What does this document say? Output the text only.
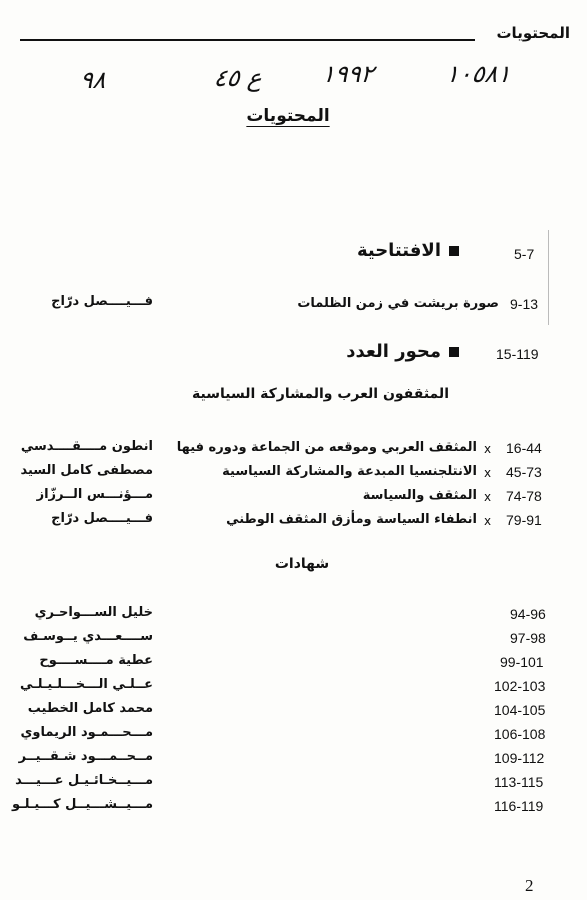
المحتويات
١٠٥٨١
١٩٩٢
ع ٤٥
٩٨
المحتويات
الافتتاحية	5-7
9-13
صورة بريشت في زمن الظلمات
فـــيــــصل درّاج
محور العدد	15-119
المثقفون العرب والمشاركة السياسية
16-44
x
المثقف العربي وموقعه من الجماعة ودوره فيها
انطون مــــقــــدسي
45-73
x
الانتلجنسيا المبدعة والمشاركة السياسية
مصطفى كامل السيد
74-78
x
المثقف والسياسة
مـــؤنـــس الــرزّاز
79-91
x
انطفاء السياسة ومأزق المثقف الوطني
فـــيــــصل درّاج
شهادات
94-96
خليل الســـواحـري
97-98
ســــعـــدي يــوسـف
99-101
عطية مــــســــوح
102-103
عــلـي الـــخـــلـيـلـي
104-105
محمد كامل الخطيب
106-108
مـــحـــمـود الريماوي
109-112
مــحــمـــود شـقــيــر
113-115
مـــيــخـائـيـل عـــيـــد
116-119
مـــيــشـــيــل كـــيـلـو
2
